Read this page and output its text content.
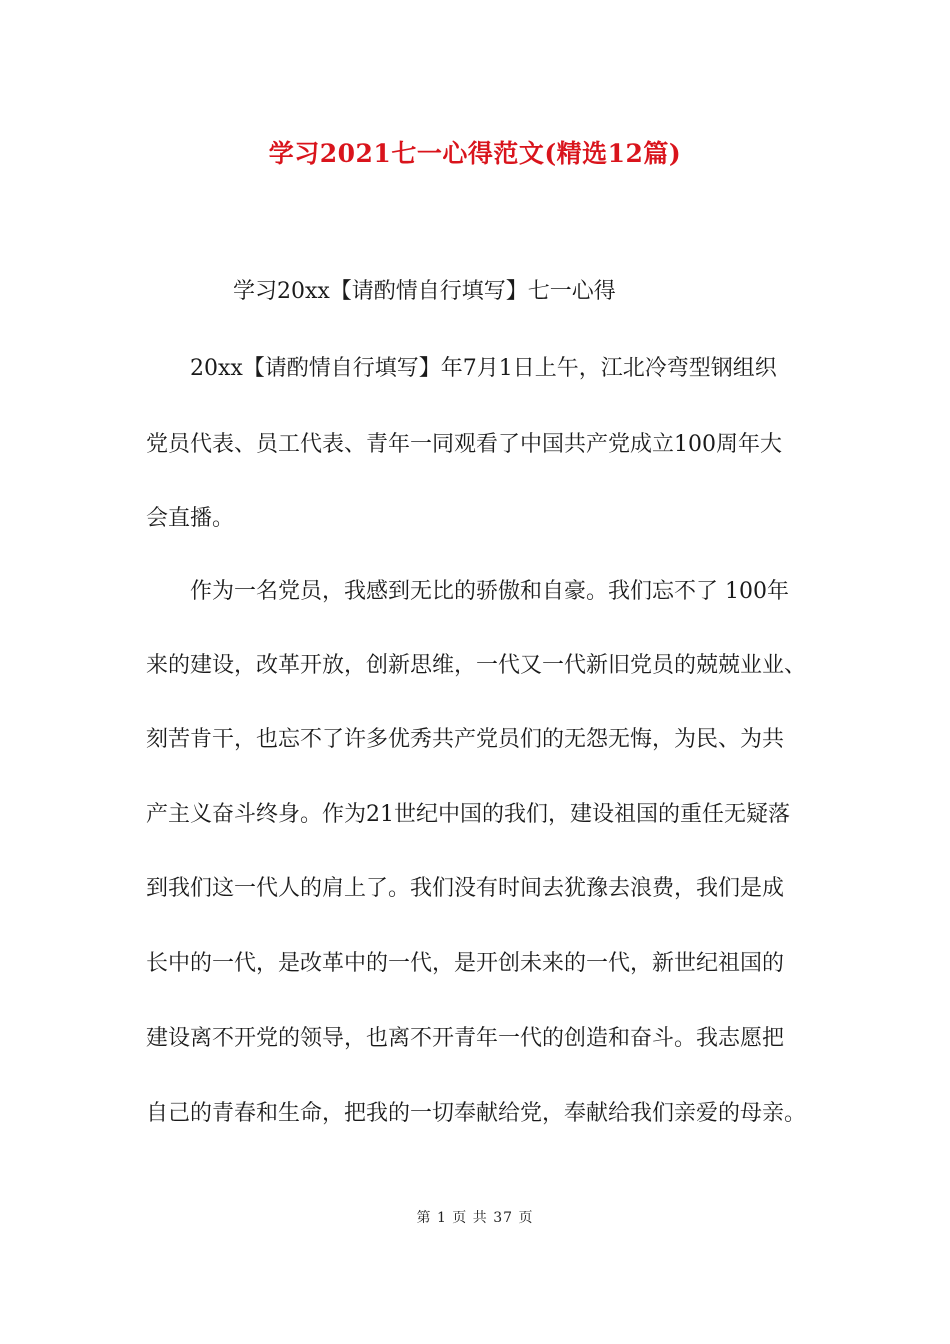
学习2021七一心得范文(精选12篇)
学习20xx【请酌情自行填写】七一心得
20xx【请酌情自行填写】年7月1日上午，江北冷弯型钢组织
党员代表、员工代表、青年一同观看了中国共产党成立100周年大
会直播。
作为一名党员，我感到无比的骄傲和自豪。我们忘不了 100年
来的建设，改革开放，创新思维，一代又一代新旧党员的兢兢业业、
刻苦肯干，也忘不了许多优秀共产党员们的无怨无悔，为民、为共
产主义奋斗终身。作为21世纪中国的我们，建设祖国的重任无疑落
到我们这一代人的肩上了。我们没有时间去犹豫去浪费，我们是成
长中的一代，是改革中的一代，是开创未来的一代，新世纪祖国的
建设离不开党的领导，也离不开青年一代的创造和奋斗。我志愿把
自己的青春和生命，把我的一切奉献给党，奉献给我们亲爱的母亲。
第 1 页 共 37 页
